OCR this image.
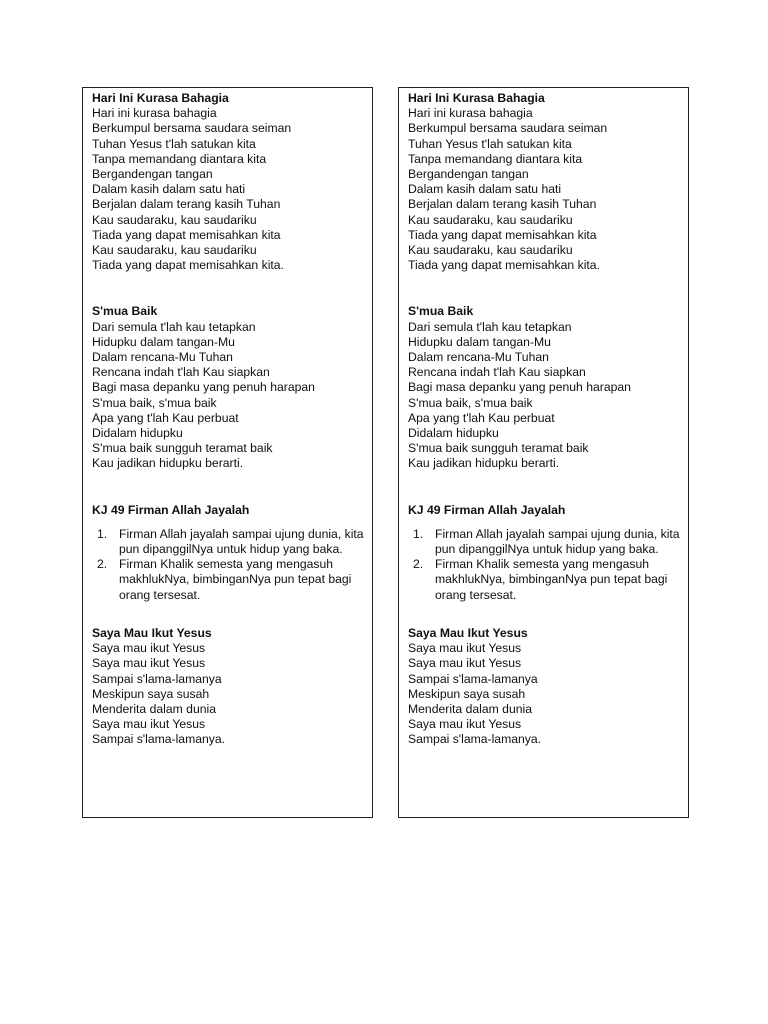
Hari Ini Kurasa Bahagia
Hari ini kurasa bahagia
Berkumpul bersama saudara seiman
Tuhan Yesus t'lah satukan kita
Tanpa memandang diantara kita
Bergandengan tangan
Dalam kasih dalam satu hati
Berjalan dalam terang kasih Tuhan
Kau saudaraku, kau saudariku
Tiada yang dapat memisahkan kita
Kau saudaraku, kau saudariku
Tiada yang dapat memisahkan kita.
S'mua Baik
Dari semula t'lah kau tetapkan
Hidupku dalam tangan-Mu
Dalam rencana-Mu Tuhan
Rencana indah t'lah Kau siapkan
Bagi masa depanku yang penuh harapan
S'mua baik, s'mua baik
Apa yang t'lah Kau perbuat
Didalam hidupku
S'mua baik sungguh teramat baik
Kau jadikan hidupku berarti.
KJ 49 Firman Allah Jayalah
1. Firman Allah jayalah sampai ujung dunia, kita pun dipanggilNya untuk hidup yang baka.
2. Firman Khalik semesta yang mengasuh makhlukNya, bimbinganNya pun tepat bagi orang tersesat.
Saya Mau Ikut Yesus
Saya mau ikut Yesus
Saya mau ikut Yesus
Sampai s'lama-lamanya
Meskipun saya susah
Menderita dalam dunia
Saya mau ikut Yesus
Sampai s'lama-lamanya.
Hari Ini Kurasa Bahagia
Hari ini kurasa bahagia
Berkumpul bersama saudara seiman
Tuhan Yesus t'lah satukan kita
Tanpa memandang diantara kita
Bergandengan tangan
Dalam kasih dalam satu hati
Berjalan dalam terang kasih Tuhan
Kau saudaraku, kau saudariku
Tiada yang dapat memisahkan kita
Kau saudaraku, kau saudariku
Tiada yang dapat memisahkan kita.
S'mua Baik
Dari semula t'lah kau tetapkan
Hidupku dalam tangan-Mu
Dalam rencana-Mu Tuhan
Rencana indah t'lah Kau siapkan
Bagi masa depanku yang penuh harapan
S'mua baik, s'mua baik
Apa yang t'lah Kau perbuat
Didalam hidupku
S'mua baik sungguh teramat baik
Kau jadikan hidupku berarti.
KJ 49 Firman Allah Jayalah
1. Firman Allah jayalah sampai ujung dunia, kita pun dipanggilNya untuk hidup yang baka.
2. Firman Khalik semesta yang mengasuh makhlukNya, bimbinganNya pun tepat bagi orang tersesat.
Saya Mau Ikut Yesus
Saya mau ikut Yesus
Saya mau ikut Yesus
Sampai s'lama-lamanya
Meskipun saya susah
Menderita dalam dunia
Saya mau ikut Yesus
Sampai s'lama-lamanya.
